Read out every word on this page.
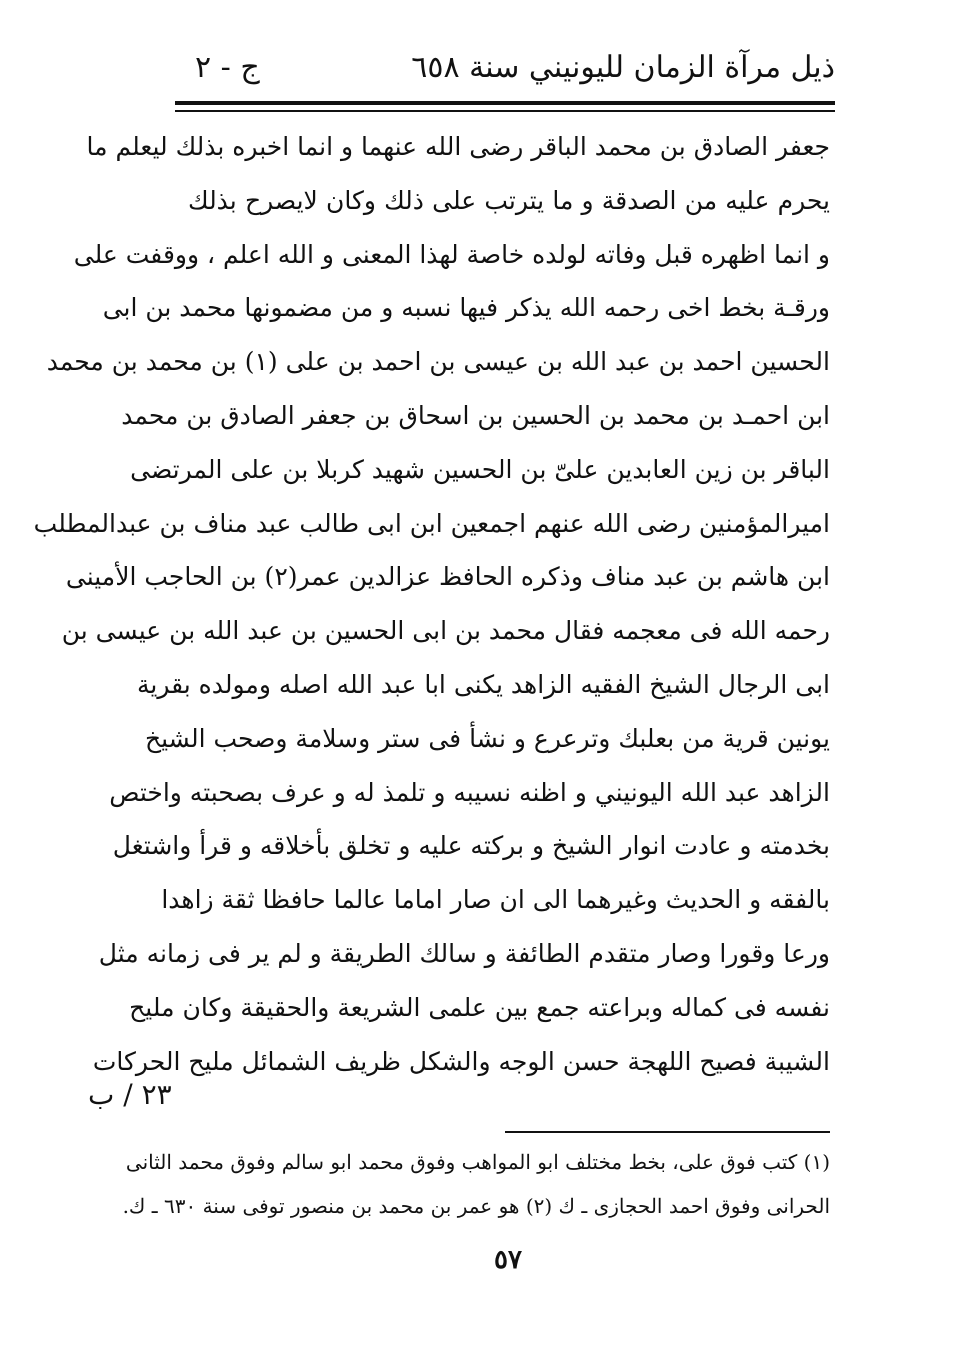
ذيل مرآة الزمان لليونيني سنة ٦٥٨
ج - ٢
جعفر الصادق بن محمد الباقر رضى الله عنهما و انما اخبره بذلك ليعلم ما
يحرم عليه من الصدقة و ما يترتب على ذلك وكان لايصرح بذلك
و انما اظهره قبل وفاته لولده خاصة لهذا المعنى و الله اعلم ، ووقفت على
ورقـة بخط اخى رحمه الله يذكر فيها نسبه و من مضمونها محمد بن ابى
الحسين احمد بن عبد الله بن عيسى بن احمد بن على (١) بن محمد بن محمد
ابن احمـد بن محمد بن الحسين بن اسحاق بن جعفر الصادق بن محمد
الباقر بن زين العابدين علىّ بن الحسين شهيد كربلا بن على المرتضى
اميرالمؤمنين رضى الله عنهم اجمعين ابن ابى طالب عبد مناف بن عبدالمطلب
ابن هاشم بن عبد مناف وذكره الحافظ عزالدين عمر(٢) بن الحاجب الأمينى
رحمه الله فى معجمه فقال محمد بن ابى الحسين بن عبد الله بن عيسى بن
ابى الرجال الشيخ الفقيه الزاهد يكنى ابا عبد الله اصله ومولده بقرية
يونين قرية من بعلبك وترعرع و نشأ فى ستر وسلامة وصحب الشيخ
الزاهد عبد الله اليونيني و اظنه نسيبه و تلمذ له و عرف بصحبته واختص
بخدمته و عادت انوار الشيخ و بركته عليه و تخلق بأخلاقه و قرأ واشتغل
بالفقه و الحديث وغيرهما الى ان صار اماما عالما حافظا ثقة زاهدا
ورعا وقورا وصار متقدم الطائفة و سالك الطريقة و لم ير فى زمانه مثل
نفسه فى كماله وبراعته جمع بين علمى الشريعة والحقيقة وكان مليح
الشيبة فصيح اللهجة حسن الوجه والشكل ظريف الشمائل مليح الحركات
٢٣ / ب
(١) كتب فوق على، بخط مختلف ابو المواهب وفوق محمد ابو سالم وفوق محمد الثانى
الحرانى وفوق احمد الحجازى ـ ك (٢) هو عمر بن محمد بن منصور توفى سنة ٦٣٠ ـ ك.
٥٧
